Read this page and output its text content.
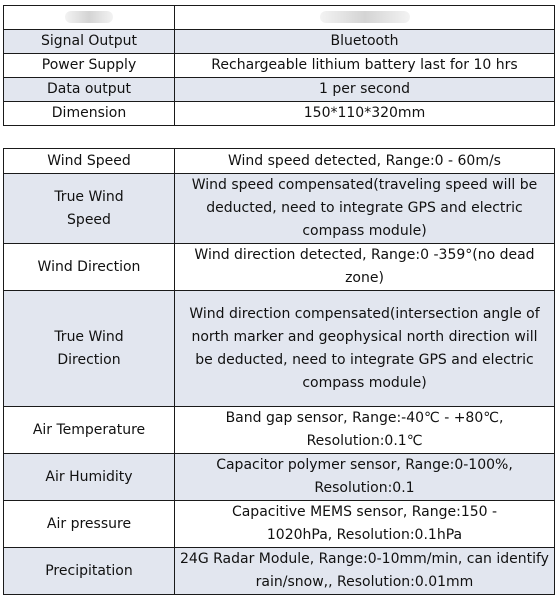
Signal Output	Bluetooth
Power Supply	Rechargeable lithium battery last for 10 hrs
Data output	1 per second
Dimension	150*110*320mm
Wind Speed	Wind speed detected, Range:0 - 60m/s
True Wind Speed	Wind speed compensated(traveling speed will be deducted, need to integrate GPS and electric compass module)
Wind Direction	Wind direction detected, Range:0 -359°(no dead zone)
True Wind Direction	Wind direction compensated(intersection angle of north marker and geophysical north direction will be deducted, need to integrate GPS and electric compass module)
Air Temperature	Band gap sensor, Range:-40℃ - +80℃, Resolution:0.1℃
Air Humidity	Capacitor polymer sensor, Range:0-100%, Resolution:0.1
Air pressure	Capacitive MEMS sensor, Range:150 - 1020hPa, Resolution:0.1hPa
Precipitation	24G Radar Module, Range:0-10mm/min, can identify rain/snow,, Resolution:0.01mm
